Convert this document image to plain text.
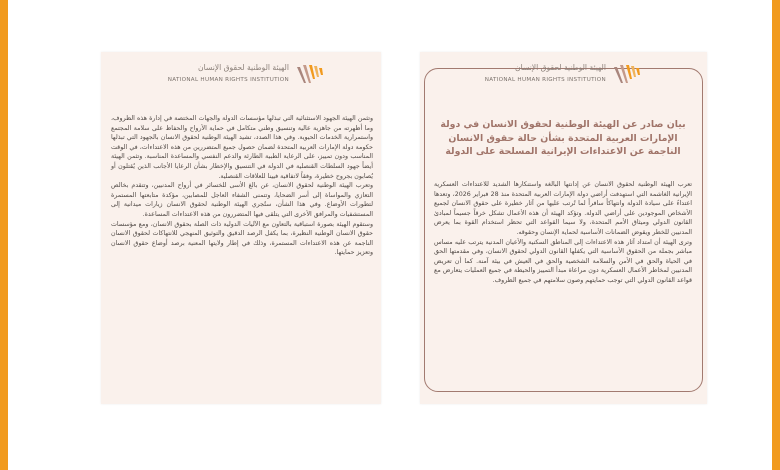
الهيئة الوطنية لحقوق الإنسان
NATIONAL HUMAN RIGHTS INSTITUTION

وتثمن الهيئة الجهود الاستثنائية التي تبذلها مؤسسات الدولة والجهات المختصة في إدارة هذه الظروف، وما أظهرته من جاهزية عالية وتنسيق وطني متكامل في حماية الأرواح والحفاظ على سلامة المجتمع واستمرارية الخدمات الحيوية. وفي هذا الصدد، تشيد الهيئة الوطنية لحقوق الانسان بالجهود التي تبذلها حكومة دولة الإمارات العربية المتحدة لضمان حصول جميع المتضررين من هذه الاعتداءات، في الوقت المناسب ودون تمييز، على الرعاية الطبية الطارئة والدعم النفسي والمساعدة المناسبة. وتثمن الهيئة أيضاً جهود السلطات القنصلية في الدولة في التنسيق والإخطار بشأن الرعايا الأجانب الذين يُقتلون أو يُصابون بجروح خطيرة، وفقاً لاتفاقية فيينا للعلاقات القنصلية.

وتعرب الهيئة الوطنية لحقوق الانسان، عن بالغ الأسى للخسائر في أرواح المدنيين، وتتقدم بخالص التعازي والمواساة إلى أسر الضحايا، وتتمنى الشفاء العاجل للمصابين، مؤكدة متابعتها المستمرة لتطورات الأوضاع. وفي هذا الشأن، ستُجري الهيئة الوطنية لحقوق الانسان زيارات ميدانية إلى المستشفيات والمرافق الأخرى التي يتلقى فيها المتضررون من هذه الاعتداءات المساعدة.

وستقوم الهيئة بصورة استباقية بالتعاون مع الآليات الدولية ذات الصلة بحقوق الانسان، ومع مؤسسات حقوق الانسان الوطنية النظيرة، بما يكفل الرصد الدقيق والتوثيق المنهجي للانتهاكات لحقوق الانسان الناجمة عن هذه الاعتداءات المستمرة، وذلك في إطار ولايتها المعنية برصد أوضاع حقوق الانسان وتعزيز حمايتها.

الهيئة الوطنية لحقوق الإنسان
NATIONAL HUMAN RIGHTS INSTITUTION
بيان صادر عن الهيئة الوطنية لحقوق الانسان في دولة الإمارات العربية المتحدة بشأن حالة حقوق الانسان الناجمة عن الاعتداءات الإيرانية المسلحة على الدولة

تعرب الهيئة الوطنية لحقوق الانسان عن إدانتها البالغة واستنكارها الشديد للاعتداءات العسكرية الإيرانية الغاشمة التي استهدفت أراضي دولة الإمارات العربية المتحدة منذ 28 فبراير 2026، وتعدها اعتداءً على سيادة الدولة وانتهاكاً سافراً لما تُرتب عليها من آثار خطيرة على حقوق الانسان لجميع الأشخاص الموجودين على أراضي الدولة. وتؤكد الهيئة أن هذه الأعمال تشكل خرقاً جسيماً لمبادئ القانون الدولي وميثاق الأمم المتحدة، ولا سيما القواعد التي تحظر استخدام القوة بما يعرض المدنيين للخطر ويقوض الضمانات الأساسية لحماية الإنسان وحقوقه.

وترى الهيئة أن امتداد آثار هذه الاعتداءات إلى المناطق السكنية والأعيان المدنية يترتب عليه مساس مباشر بجملة من الحقوق الأساسية التي يكفلها القانون الدولي لحقوق الانسان، وفي مقدمتها الحق في الحياة والحق في الأمن والسلامة الشخصية والحق في العيش في بيئة آمنة. كما أن تعريض المدنيين لمخاطر الأعمال العسكرية دون مراعاة مبدأ التمييز والحيطة في جميع العمليات يتعارض مع قواعد القانون الدولي التي توجب حمايتهم وصون سلامتهم في جميع الظروف.
